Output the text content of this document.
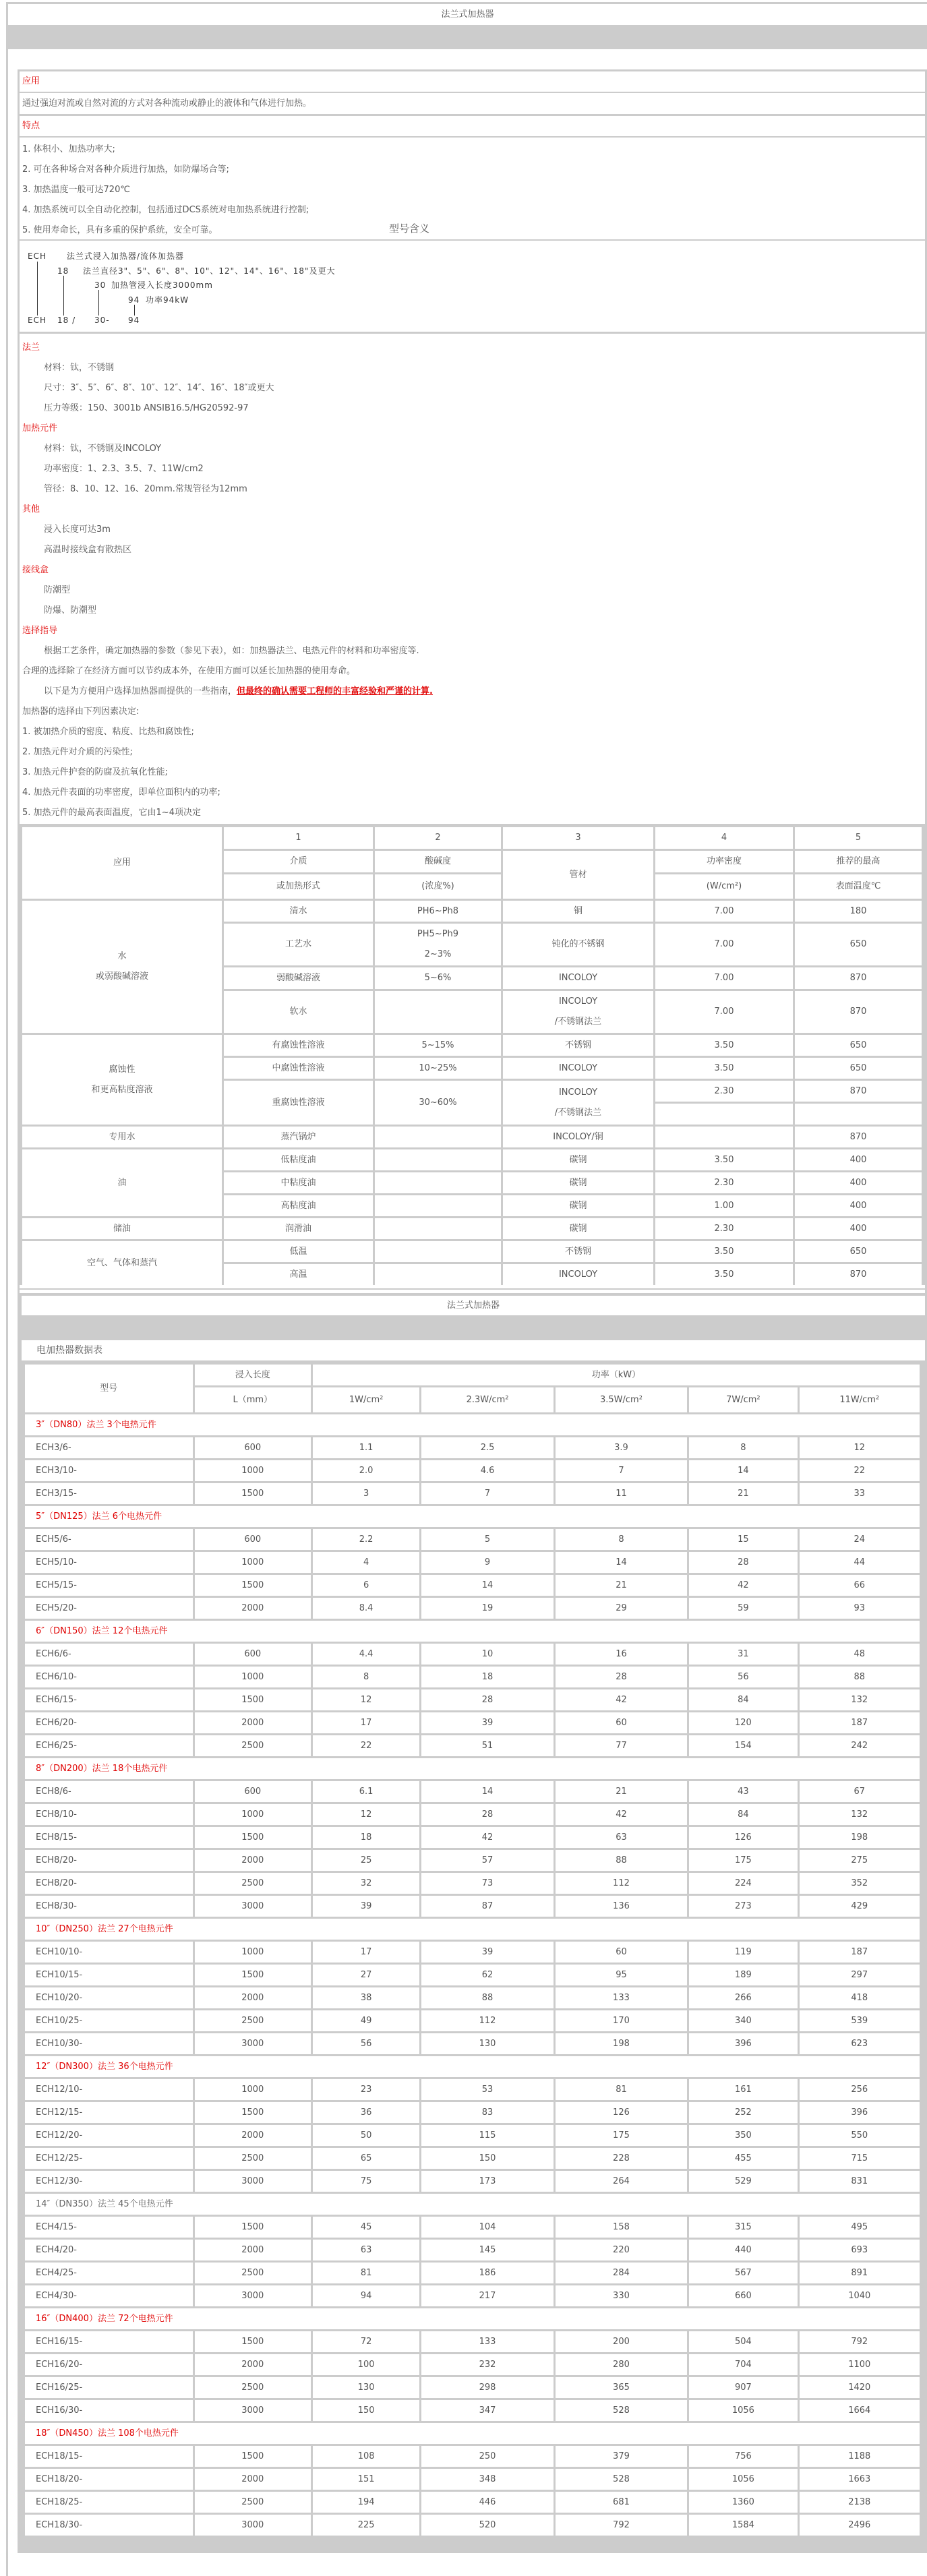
法兰式加热器
应用
通过强迫对流或自然对流的方式对各种流动或静止的液体和气体进行加热。
特点
1. 体积小、加热功率大;
2. 可在各种场合对各种介质进行加热，如防爆场合等;
3. 加热温度一般可达720℃
4. 加热系统可以全自动化控制，包括通过DCS系统对电加热系统进行控制;
5. 使用寿命长，具有多重的保护系统，安全可靠。	型号含义
ECH	法兰式浸入加热器/流体加热器
18 法兰直径3"、5"、6"、8"、10"、12"、14"、16"、18"及更大
30 加热管浸入长度3000mm
94 功率94kW
ECH 18 / 30- 94
法兰
材料：钛，不锈钢
尺寸：3″、5″、6″、8″、10″、12″、14″、16″、18″或更大
压力等级：150、3001b ANSIB16.5/HG20592-97
加热元件
材料：钛，不锈钢及INCOLOY
功率密度：1、2.3、3.5、7、11W/cm2
管径：8、10、12、16、20mm.常规管径为12mm
其他
浸入长度可达3m
高温时接线盒有散热区
接线盒
防潮型
防爆、防潮型
选择指导
根据工艺条件，确定加热器的参数（参见下表），如：加热器法兰、电热元件的材料和功率密度等.
合理的选择除了在经济方面可以节约成本外，在使用方面可以延长加热器的使用寿命。
以下是为方便用户选择加热器而提供的一些指南，但最终的确认需要工程师的丰富经验和严谨的计算.
加热器的选择由下列因素决定:
1. 被加热介质的密度、粘度、比热和腐蚀性;
2. 加热元件对介质的污染性;
3. 加热元件护套的防腐及抗氧化性能;
4. 加热元件表面的功率密度，即单位面积内的功率;
5. 加热元件的最高表面温度，它由1~4项决定
应用	1	2	3	4	5

	介质	酸碱度	管材	功率密度	推荐的最高

	或加热形式	(浓度%)		(W/cm²)	表面温度℃

水
或弱酸碱溶液	清水	PH6~Ph8	铜	7.00	180

	工艺水	PH5~Ph9
2~3%	钝化的不锈钢	7.00	650

	弱酸碱溶液	5~6%	INCOLOY	7.00	870

	软水		INCOLOY
/不锈钢法兰	7.00	870

腐蚀性
和更高粘度溶液	有腐蚀性溶液	5~15%	不锈钢	3.50	650

	中腐蚀性溶液	10~25%	INCOLOY	3.50	650

	重腐蚀性溶液	30~60%	INCOLOY
/不锈钢法兰	2.30	870

专用水	蒸汽锅炉		INCOLOY/铜		870

油	低粘度油		碳钢	3.50	400

	中粘度油		碳钢	2.30	400

	高粘度油		碳钢	1.00	400

储油	润滑油		碳钢	2.30	400

空气、气体和蒸汽	低温		不锈钢	3.50	650

	高温		INCOLOY	3.50	870
法兰式加热器
电加热器数据表
型号	浸入长度	功率（kW）				
	L（mm）	1W/cm²	2.3W/cm²	3.5W/cm²	7W/cm²	11W/cm²
3″（DN80）法兰 3个电热元件						
ECH3/6-	600	1.1	2.5	3.9	8	12
ECH3/10-	1000	2.0	4.6	7	14	22
ECH3/15-	1500	3	7	11	21	33
5″（DN125）法兰 6个电热元件						
ECH5/6-	600	2.2	5	8	15	24
ECH5/10-	1000	4	9	14	28	44
ECH5/15-	1500	6	14	21	42	66
ECH5/20-	2000	8.4	19	29	59	93
6″（DN150）法兰 12个电热元件						
ECH6/6-	600	4.4	10	16	31	48
ECH6/10-	1000	8	18	28	56	88
ECH6/15-	1500	12	28	42	84	132
ECH6/20-	2000	17	39	60	120	187
ECH6/25-	2500	22	51	77	154	242
8″（DN200）法兰 18个电热元件						
ECH8/6-	600	6.1	14	21	43	67
ECH8/10-	1000	12	28	42	84	132
ECH8/15-	1500	18	42	63	126	198
ECH8/20-	2000	25	57	88	175	275
ECH8/20-	2500	32	73	112	224	352
ECH8/30-	3000	39	87	136	273	429
10″（DN250）法兰 27个电热元件						
ECH10/10-	1000	17	39	60	119	187
ECH10/15-	1500	27	62	95	189	297
ECH10/20-	2000	38	88	133	266	418
ECH10/25-	2500	49	112	170	340	539
ECH10/30-	3000	56	130	198	396	623
12″（DN300）法兰 36个电热元件						
ECH12/10-	1000	23	53	81	161	256
ECH12/15-	1500	36	83	126	252	396
ECH12/20-	2000	50	115	175	350	550
ECH12/25-	2500	65	150	228	455	715
ECH12/30-	3000	75	173	264	529	831
14″（DN350）法兰 45个电热元件						
ECH4/15-	1500	45	104	158	315	495
ECH4/20-	2000	63	145	220	440	693
ECH4/25-	2500	81	186	284	567	891
ECH4/30-	3000	94	217	330	660	1040
16″（DN400）法兰 72个电热元件						
ECH16/15-	1500	72	133	200	504	792
ECH16/20-	2000	100	232	280	704	1100
ECH16/25-	2500	130	298	365	907	1420
ECH16/30-	3000	150	347	528	1056	1664
18″（DN450）法兰 108个电热元件						
ECH18/15-	1500	108	250	379	756	1188
ECH18/20-	2000	151	348	528	1056	1663
ECH18/25-	2500	194	446	681	1360	2138
ECH18/30-	3000	225	520	792	1584	2496
